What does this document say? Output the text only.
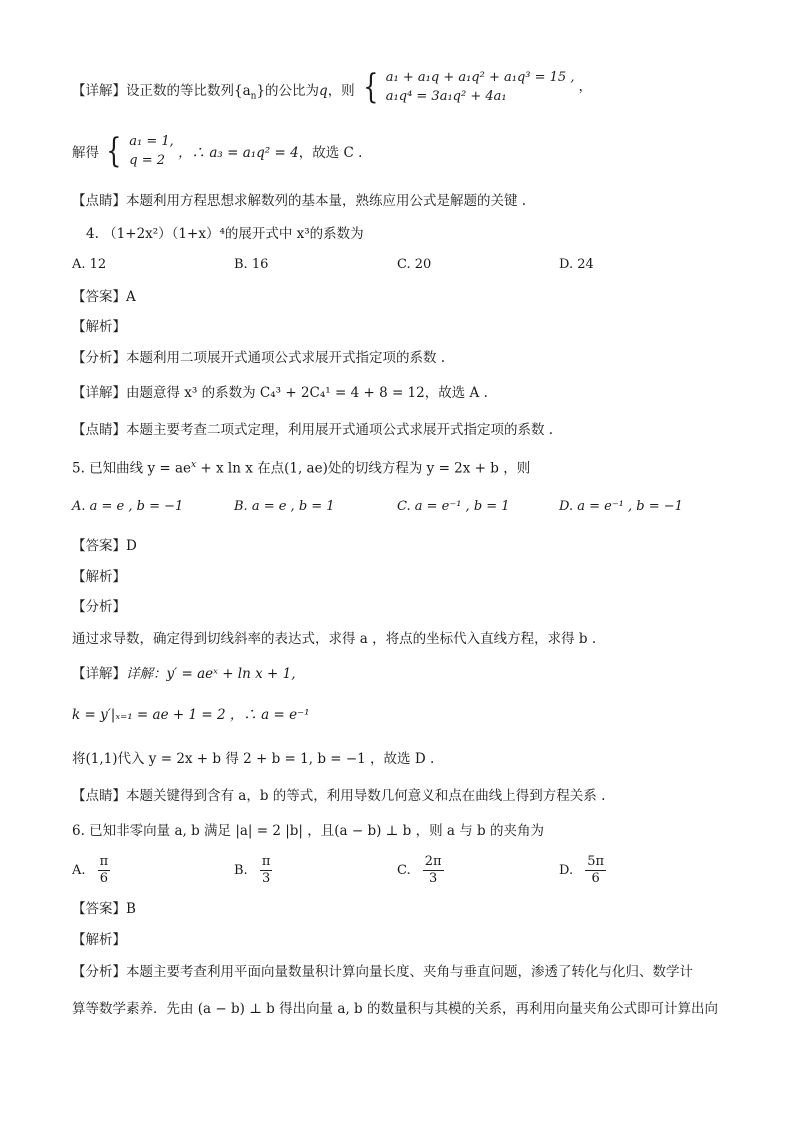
【详解】设正数的等比数列$\{a_n\}$的公比为q，则 { a₁ + a₁q + a₁q² + a₁q³ = 15 ,
a₁q⁴ = 3a₁q² + 4a₁ ，
解得 { a₁ = 1,
q = 2 ，∴ a₃ = a₁q² = 4，故选 C .
【点睛】本题利用方程思想求解数列的基本量，熟练应用公式是解题的关键 .
4. （1+2x²）（1+x）⁴的展开式中 x³的系数为
A. 12	B. 16	C. 20	D. 24
【答案】A
【解析】
【分析】本题利用二项展开式通项公式求展开式指定项的系数 .
【详解】由题意得 x³ 的系数为 C₄³ + 2C₄¹ = 4 + 8 = 12，故选 A .
【点睛】本题主要考查二项式定理，利用展开式通项公式求展开式指定项的系数 .
5. 已知曲线 $y = ae^x + x$ ln x 在点(1, ae)处的切线方程为 y = 2x + b ，则
A. a = e , b = −1	B. a = e , b = 1	C. a = e⁻¹ , b = 1	D. a = e⁻¹ , b = −1
【答案】D
【解析】
【分析】
通过求导数，确定得到切线斜率的表达式，求得 a ，将点的坐标代入直线方程，求得 b .
【详解】详解：y′ = aeˣ + ln x + 1,
k = y′|ₓ₌₁ = ae + 1 = 2 ，∴ a = e⁻¹
将(1,1)代入 y = 2x + b 得 2 + b = 1, b = −1 ，故选 D .
【点睛】本题关键得到含有 a，b 的等式，利用导数几何意义和点在曲线上得到方程关系 .
6. 已知非零向量 a, b 满足 |a| = 2 |b| ，且(a − b) ⊥ b ，则 a 与 b 的夹角为
A. $\frac{\pi}{6}$	B. $\frac{\pi}{3}$	C. $\frac{2\pi}{3}$	D. $\frac{5\pi}{6}$
【答案】B
【解析】
【分析】本题主要考查利用平面向量数量积计算向量长度、夹角与垂直问题，渗透了转化与化归、数学计
算等数学素养．先由 (a − b) ⊥ b 得出向量 a, b 的数量积与其模的关系，再利用向量夹角公式即可计算出向
